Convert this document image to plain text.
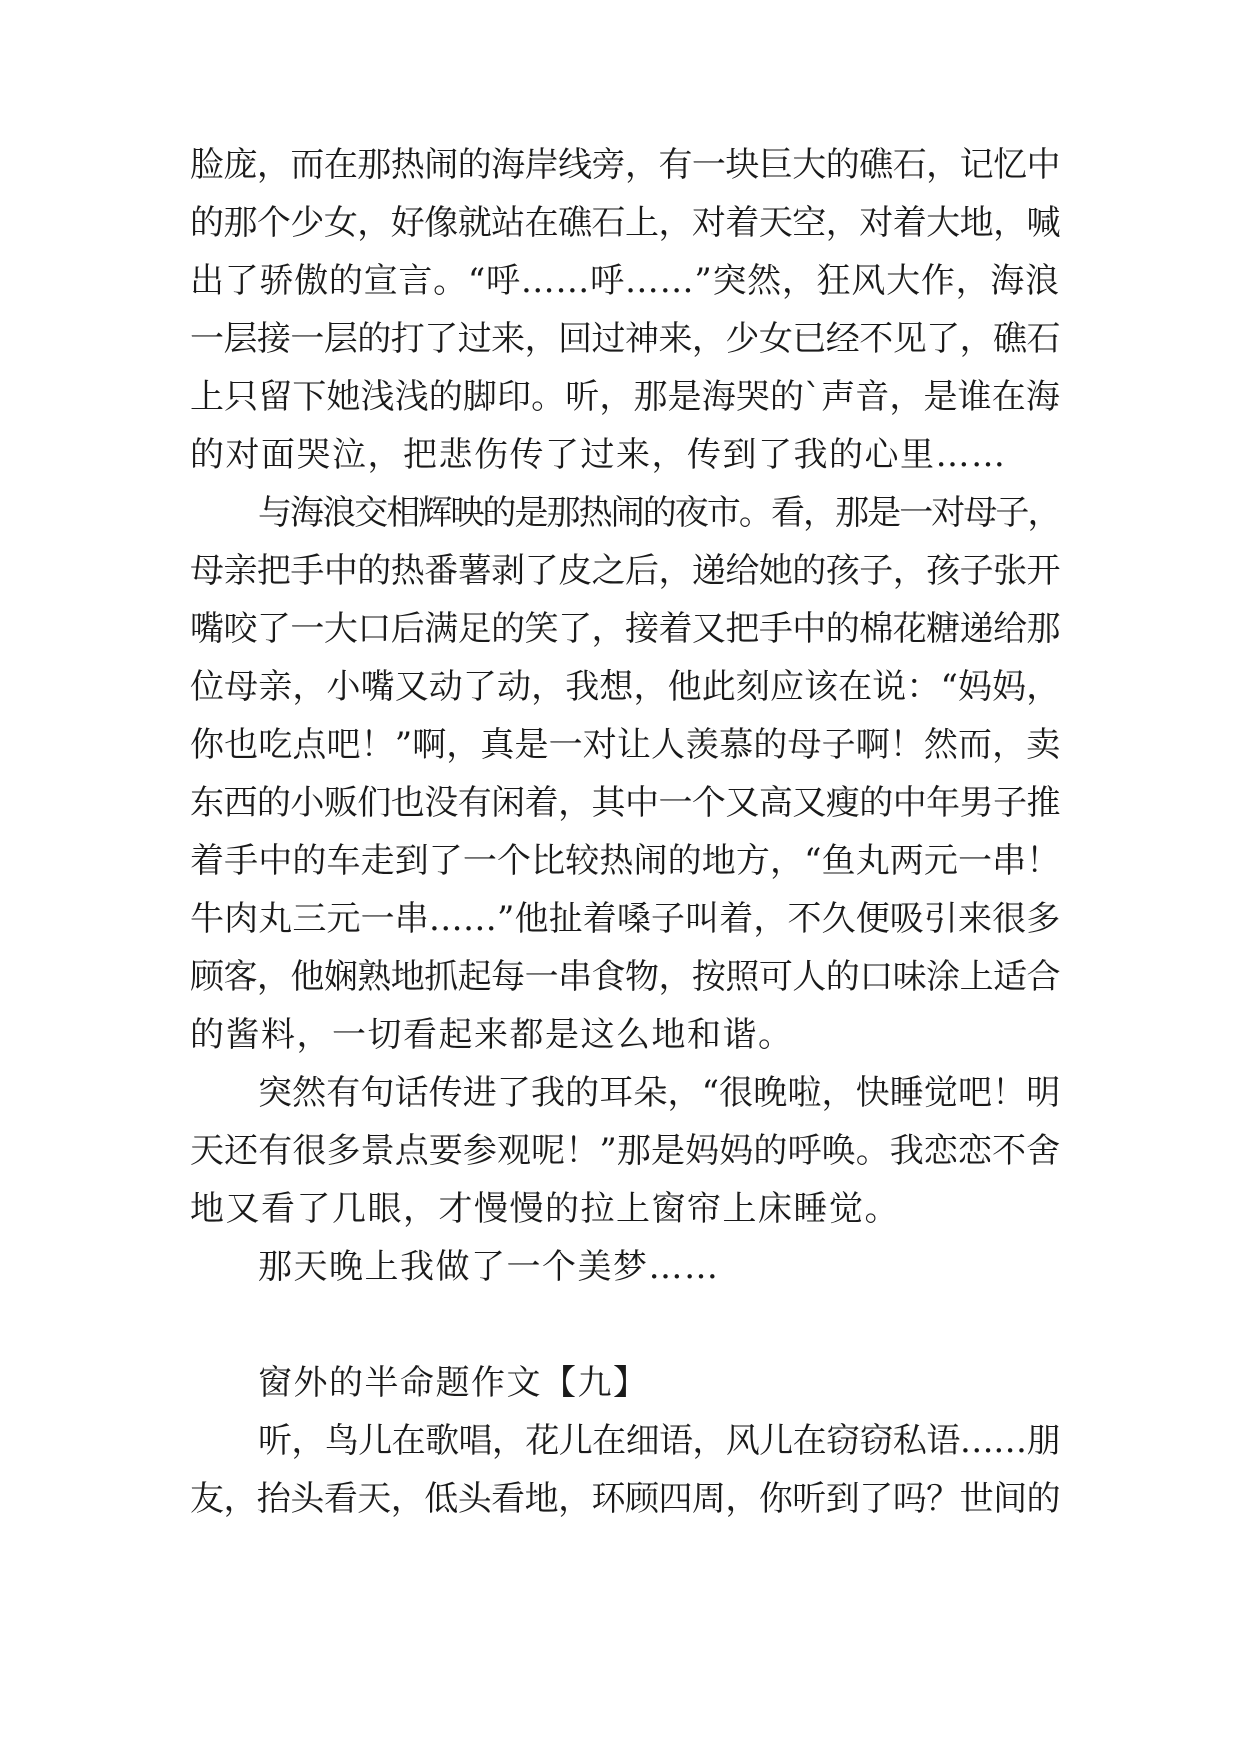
脸庞，而在那热闹的海岸线旁，有一块巨大的礁石，记忆中
的那个少女，好像就站在礁石上，对着天空，对着大地，喊
出了骄傲的宣言。“呼……呼……”突然，狂风大作，海浪
一层接一层的打了过来，回过神来，少女已经不见了，礁石
上只留下她浅浅的脚印。听，那是海哭的`声音，是谁在海
的对面哭泣，把悲伤传了过来，传到了我的心里……
与海浪交相辉映的是那热闹的夜市。看，那是一对母子，
母亲把手中的热番薯剥了皮之后，递给她的孩子，孩子张开
嘴咬了一大口后满足的笑了，接着又把手中的棉花糖递给那
位母亲，小嘴又动了动，我想，他此刻应该在说：“妈妈，
你也吃点吧！”啊，真是一对让人羡慕的母子啊！然而，卖
东西的小贩们也没有闲着，其中一个又高又瘦的中年男子推
着手中的车走到了一个比较热闹的地方，“鱼丸两元一串！
牛肉丸三元一串……”他扯着嗓子叫着，不久便吸引来很多
顾客，他娴熟地抓起每一串食物，按照可人的口味涂上适合
的酱料，一切看起来都是这么地和谐。
突然有句话传进了我的耳朵，“很晚啦，快睡觉吧！明
天还有很多景点要参观呢！”那是妈妈的呼唤。我恋恋不舍
地又看了几眼，才慢慢的拉上窗帘上床睡觉。
那天晚上我做了一个美梦……
窗外的半命题作文【九】
听，鸟儿在歌唱，花儿在细语，风儿在窃窃私语……朋
友，抬头看天，低头看地，环顾四周，你听到了吗？世间的
